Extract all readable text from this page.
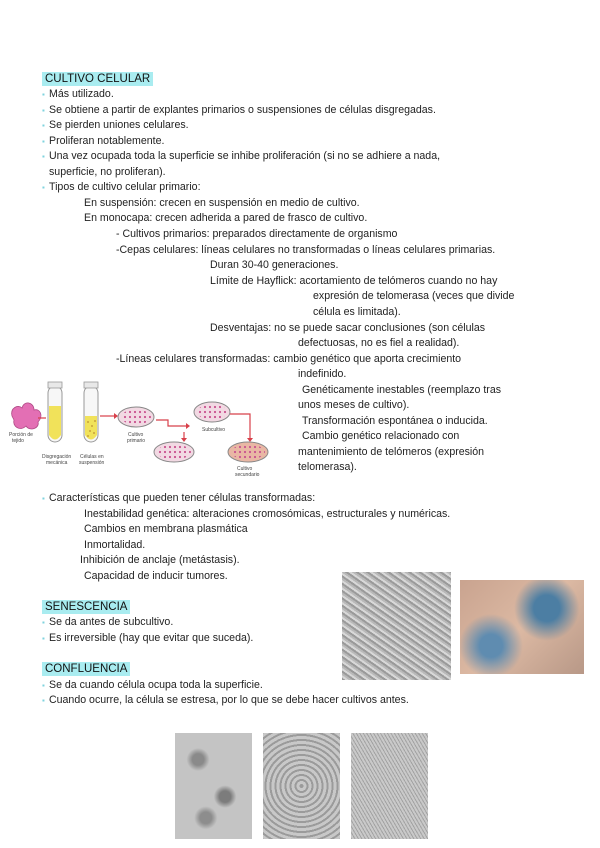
CULTIVO CELULAR
▪ Más utilizado.
▪ Se obtiene a partir de explantes primarios o suspensiones de células disgregadas.
▪ Se pierden uniones celulares.
▪ Proliferan notablemente.
▪ Una vez ocupada toda la superficie se inhibe proliferación (si no se adhiere a nada,
superficie, no proliferan).
▪ Tipos de cultivo celular primario:
En suspensión: crecen en suspensión en medio de cultivo.
En monocapa: crecen adherida a pared de frasco de cultivo.
- Cultivos primarios: preparados directamente de organismo
-Cepas celulares: líneas celulares no transformadas o líneas celulares primarias.
Duran 30-40 generaciones.
Límite de Hayflick: acortamiento de telómeros cuando no hay
expresión de telomerasa (veces que divide
célula es limitada).
Desventajas: no se puede sacar conclusiones (son células
defectuosas, no es fiel a realidad).
-Líneas celulares transformadas: cambio genético que aporta crecimiento
indefinido.
Genéticamente inestables (reemplazo tras
unos meses de cultivo).
Transformación espontánea o inducida.
Cambio genético relacionado con
mantenimiento de telómeros (expresión
telomerasa).
Porción de
tejido
Disgregación
mecánica
Células en
suspensión
Cultivo
primario
Subcultivo
Cultivo
secundario
▪ Características que pueden tener células transformadas:
Inestabilidad genética: alteraciones cromosómicas, estructurales y numéricas.
Cambios en membrana plasmática
Inmortalidad.
Inhibición de anclaje (metástasis).
Capacidad de inducir tumores.
SENESCENCIA
▪ Se da antes de subcultivo.
▪ Es irreversible (hay que evitar que suceda).
CONFLUENCIA
▪ Se da cuando célula ocupa toda la superficie.
▪ Cuando ocurre, la célula se estresa, por lo que se debe hacer cultivos antes.
